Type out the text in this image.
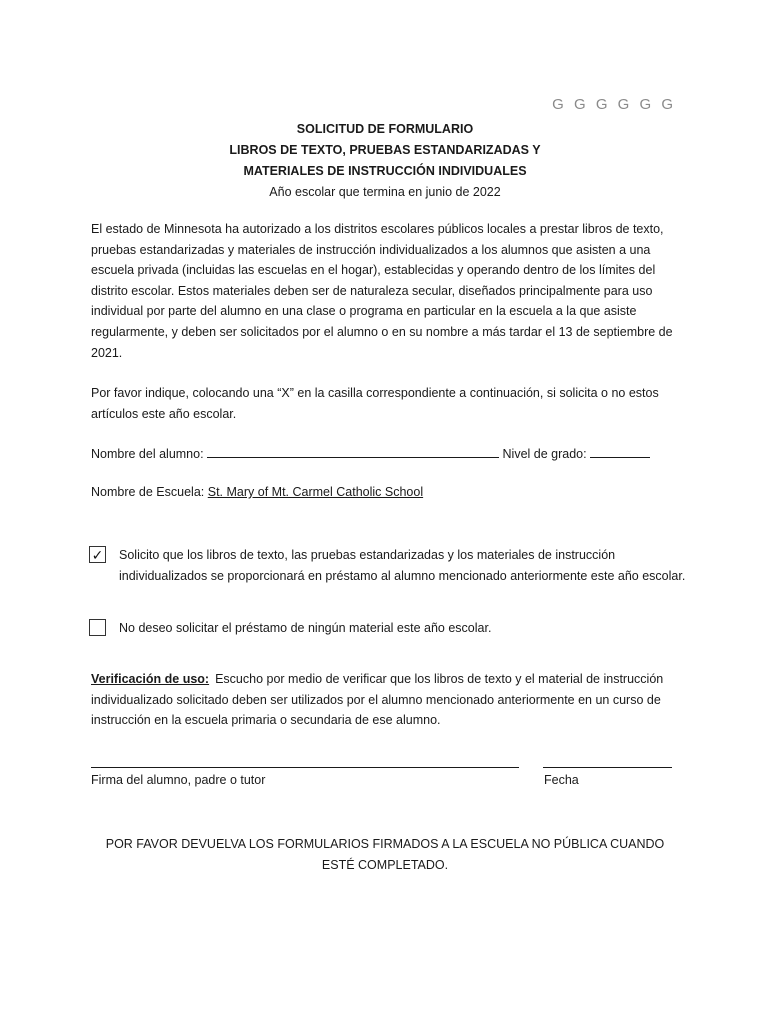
G G G G G G
SOLICITUD DE FORMULARIO
LIBROS DE TEXTO, PRUEBAS ESTANDARIZADAS Y
MATERIALES DE INSTRUCCIÓN INDIVIDUALES
Año escolar que termina en junio de 2022

El estado de Minnesota ha autorizado a los distritos escolares públicos locales a prestar libros de texto, pruebas estandarizadas y materiales de instrucción individualizados a los alumnos que asisten a una escuela privada (incluidas las escuelas en el hogar), establecidas y operando dentro de los límites del distrito escolar. Estos materiales deben ser de naturaleza secular, diseñados principalmente para uso individual por parte del alumno en una clase o programa en particular en la escuela a la que asiste regularmente, y deben ser solicitados por el alumno o en su nombre a más tardar el 13 de septiembre de 2021.

Por favor indique, colocando una “X” en la casilla correspondiente a continuación, si solicita o no estos artículos este año escolar.

Nombre del alumno:	Nivel de grado:
Nombre de Escuela: St. Mary of Mt. Carmel Catholic School
✓ Solicito que los libros de texto, las pruebas estandarizadas y los materiales de instrucción individualizados se proporcionará en préstamo al alumno mencionado anteriormente este año escolar.
No deseo solicitar el préstamo de ningún material este año escolar.

Verificación de uso: Escucho por medio de verificar que los libros de texto y el material de instrucción individualizado solicitado deben ser utilizados por el alumno mencionado anteriormente en un curso de instrucción en la escuela primaria o secundaria de ese alumno.

Firma del alumno, padre o tutor	Fecha

POR FAVOR DEVUELVA LOS FORMULARIOS FIRMADOS A LA ESCUELA NO PÚBLICA CUANDO ESTÉ COMPLETADO.
